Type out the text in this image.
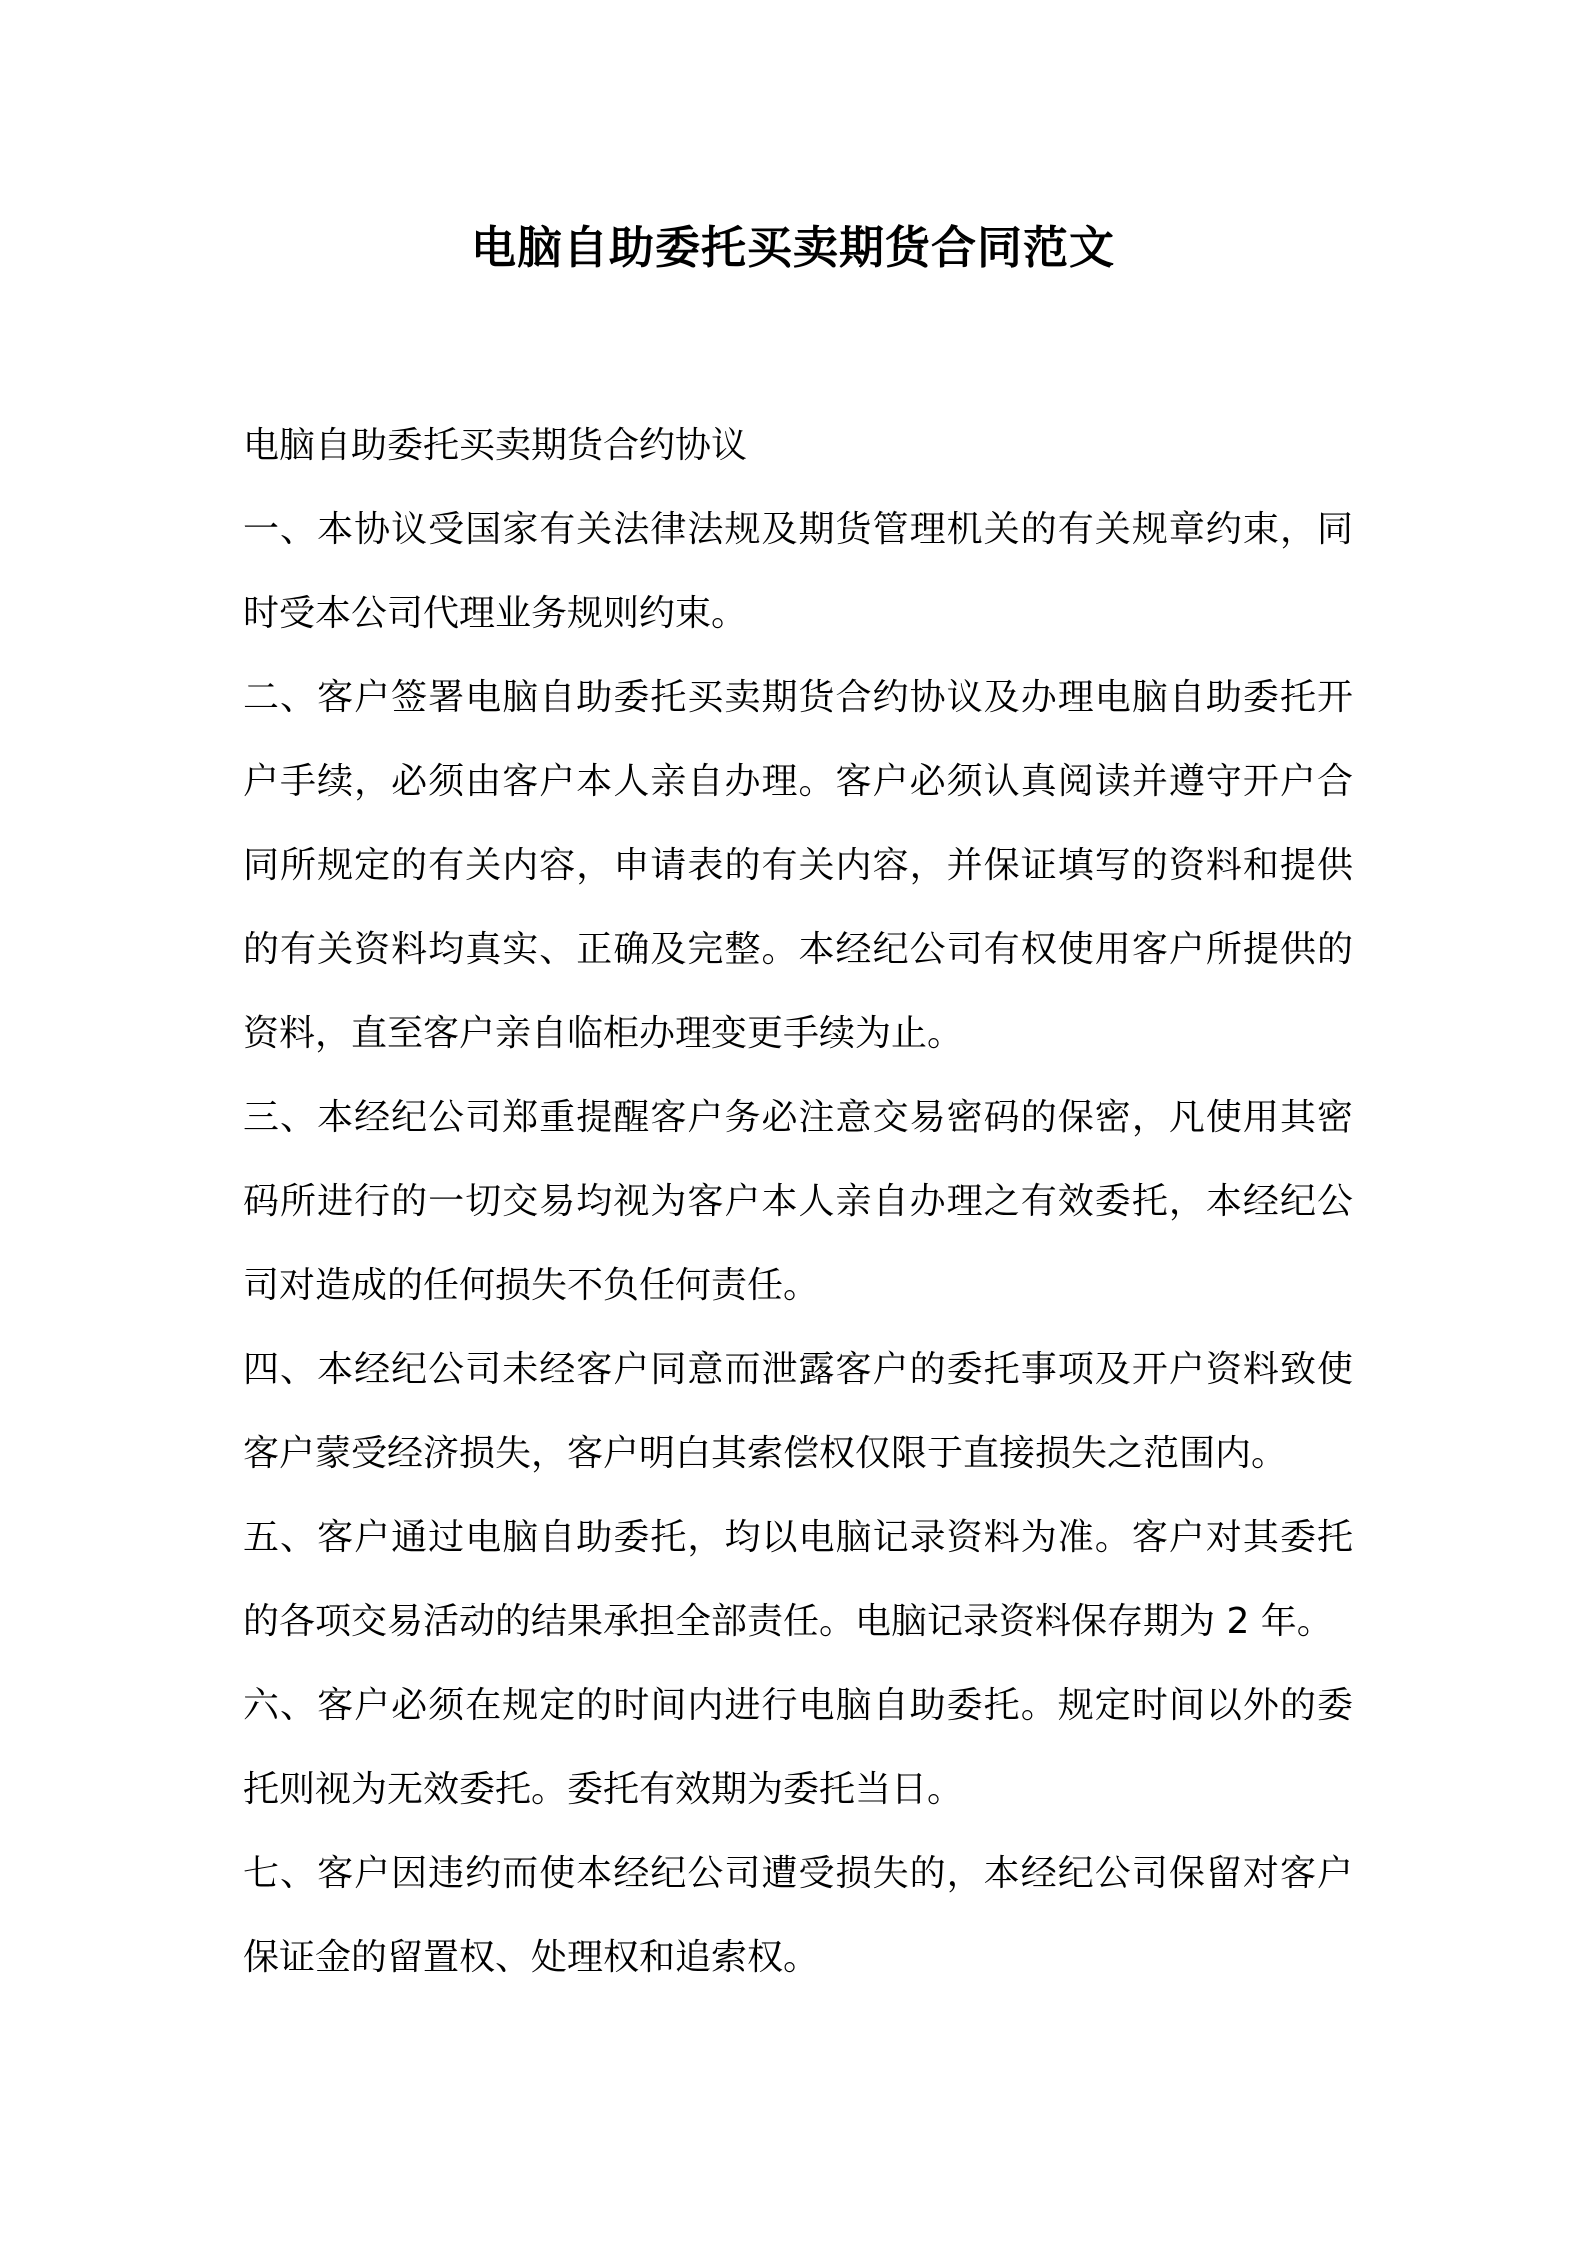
电脑自助委托买卖期货合同范文

电脑自助委托买卖期货合约协议

一、本协议受国家有关法律法规及期货管理机关的有关规章约束，同时受本公司代理业务规则约束。

二、客户签署电脑自助委托买卖期货合约协议及办理电脑自助委托开户手续，必须由客户本人亲自办理。客户必须认真阅读并遵守开户合同所规定的有关内容，申请表的有关内容，并保证填写的资料和提供的有关资料均真实、正确及完整。本经纪公司有权使用客户所提供的资料，直至客户亲自临柜办理变更手续为止。

三、本经纪公司郑重提醒客户务必注意交易密码的保密，凡使用其密码所进行的一切交易均视为客户本人亲自办理之有效委托，本经纪公司对造成的任何损失不负任何责任。

四、本经纪公司未经客户同意而泄露客户的委托事项及开户资料致使客户蒙受经济损失，客户明白其索偿权仅限于直接损失之范围内。

五、客户通过电脑自助委托，均以电脑记录资料为准。客户对其委托的各项交易活动的结果承担全部责任。电脑记录资料保存期为 2 年。

六、客户必须在规定的时间内进行电脑自助委托。规定时间以外的委托则视为无效委托。委托有效期为委托当日。

七、客户因违约而使本经纪公司遭受损失的，本经纪公司保留对客户保证金的留置权、处理权和追索权。
